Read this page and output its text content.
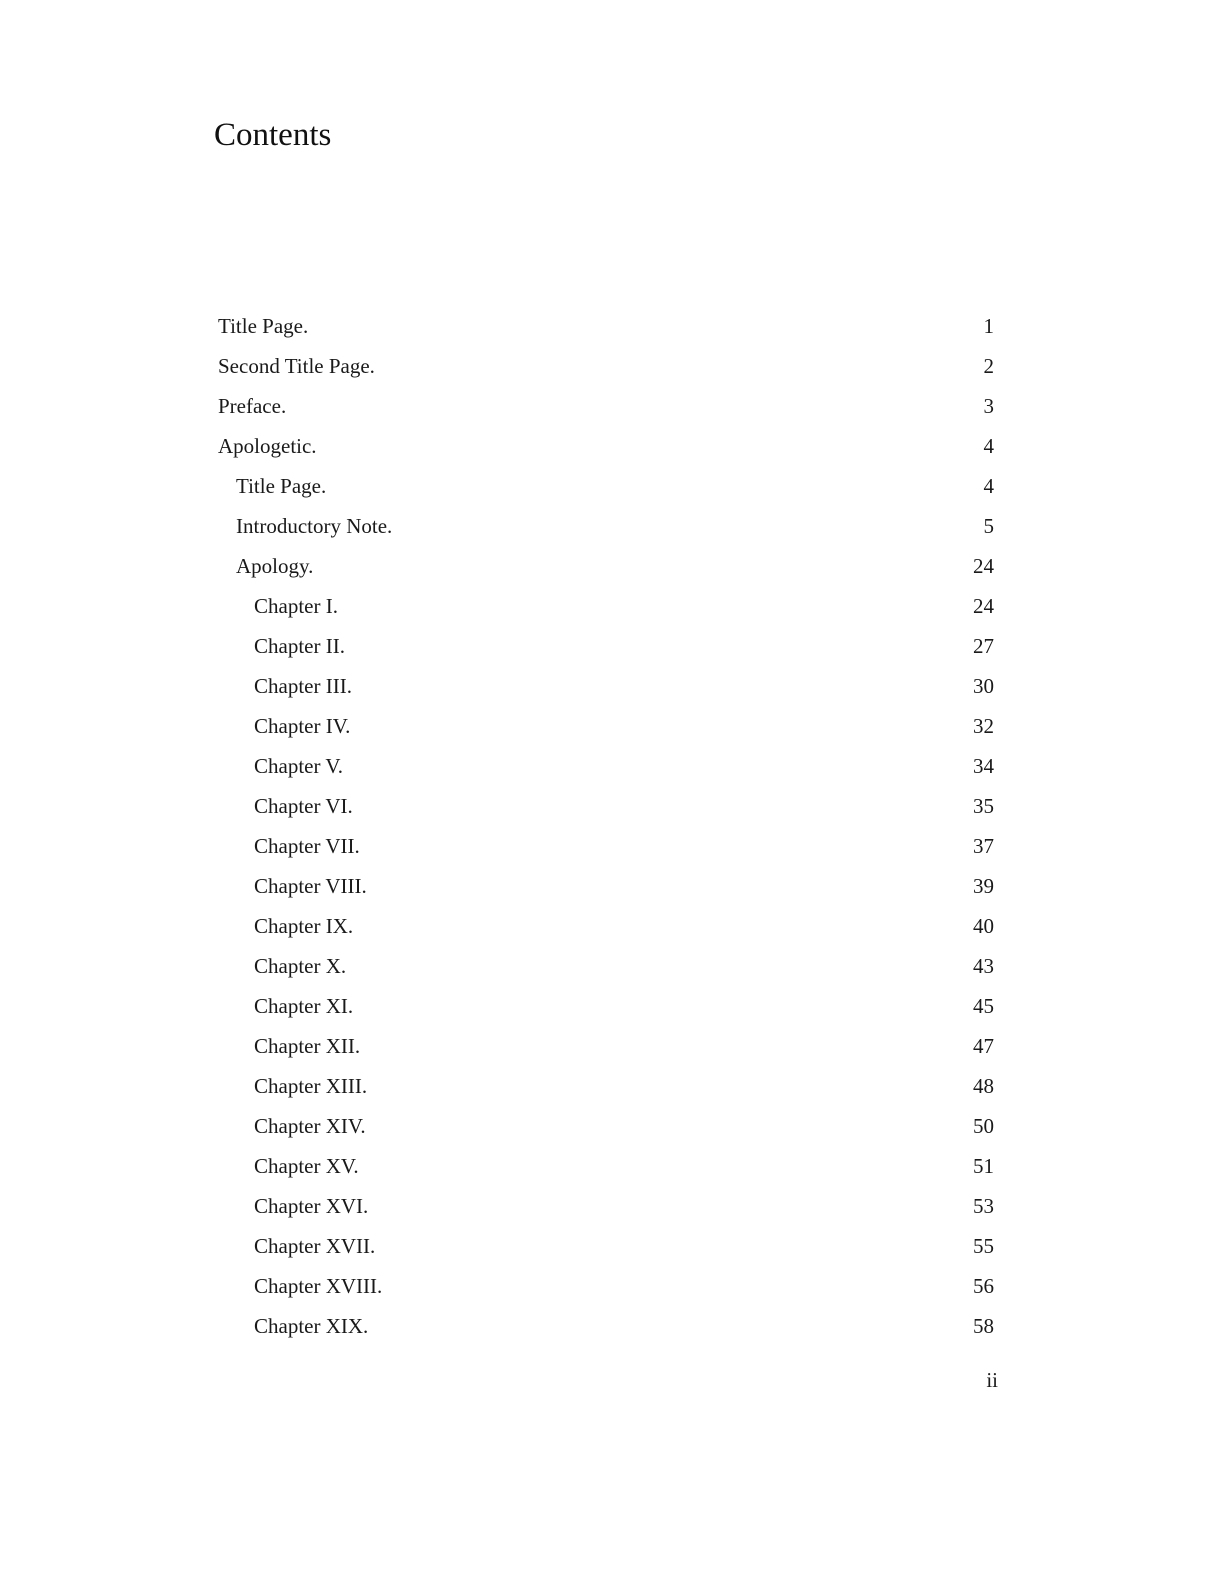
Contents
Title Page.	1
Second Title Page.	2
Preface.	3
Apologetic.	4
Title Page.	4
Introductory Note.	5
Apology.	24
Chapter I.	24
Chapter II.	27
Chapter III.	30
Chapter IV.	32
Chapter V.	34
Chapter VI.	35
Chapter VII.	37
Chapter VIII.	39
Chapter IX.	40
Chapter X.	43
Chapter XI.	45
Chapter XII.	47
Chapter XIII.	48
Chapter XIV.	50
Chapter XV.	51
Chapter XVI.	53
Chapter XVII.	55
Chapter XVIII.	56
Chapter XIX.	58
ii
